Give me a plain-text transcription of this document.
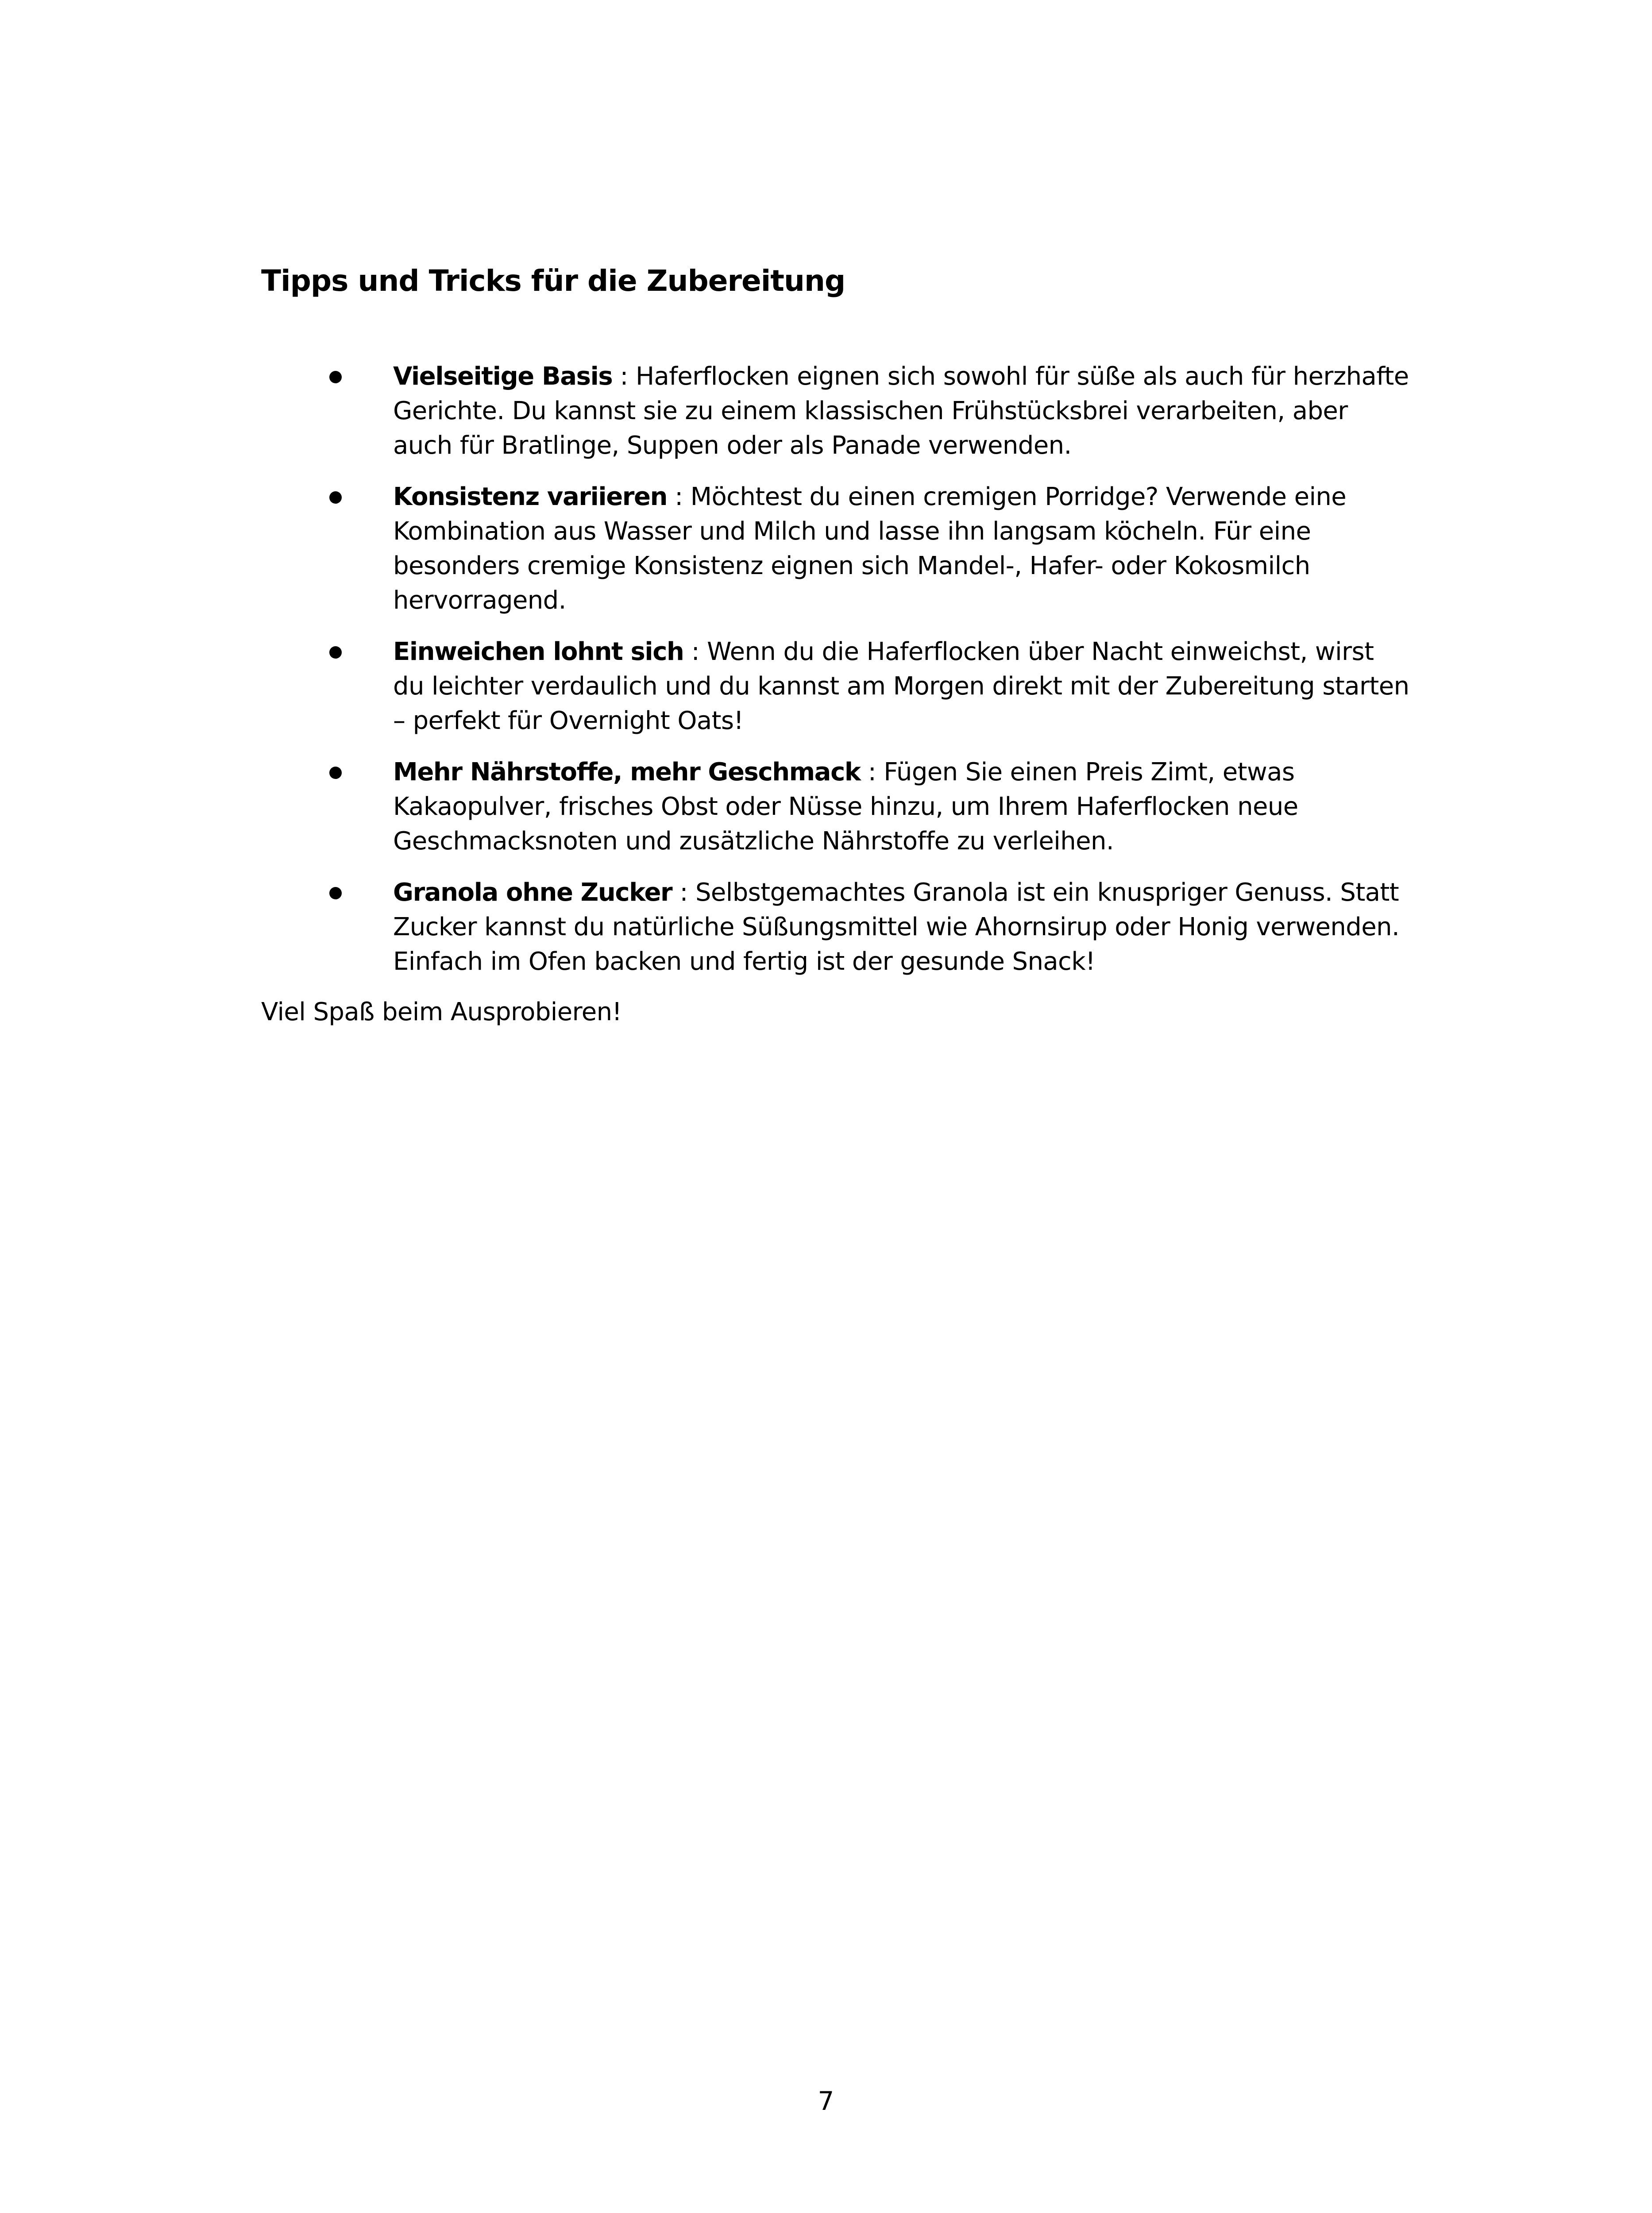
Tipps und Tricks für die Zubereitung
Vielseitige Basis : Haferflocken eignen sich sowohl für süße als auch für herzhafte Gerichte. Du kannst sie zu einem klassischen Frühstücksbrei verarbeiten, aber auch für Bratlinge, Suppen oder als Panade verwenden.
Konsistenz variieren : Möchtest du einen cremigen Porridge? Verwende eine Kombination aus Wasser und Milch und lasse ihn langsam köcheln. Für eine besonders cremige Konsistenz eignen sich Mandel-, Hafer- oder Kokosmilch hervorragend.
Einweichen lohnt sich : Wenn du die Haferflocken über Nacht einweichst, wirst du leichter verdaulich und du kannst am Morgen direkt mit der Zubereitung starten – perfekt für Overnight Oats!
Mehr Nährstoffe, mehr Geschmack : Fügen Sie einen Preis Zimt, etwas Kakaopulver, frisches Obst oder Nüsse hinzu, um Ihrem Haferflocken neue Geschmacksnoten und zusätzliche Nährstoffe zu verleihen.
Granola ohne Zucker : Selbstgemachtes Granola ist ein knuspriger Genuss. Statt Zucker kannst du natürliche Süßungsmittel wie Ahornsirup oder Honig verwenden. Einfach im Ofen backen und fertig ist der gesunde Snack!

Viel Spaß beim Ausprobieren!

7
